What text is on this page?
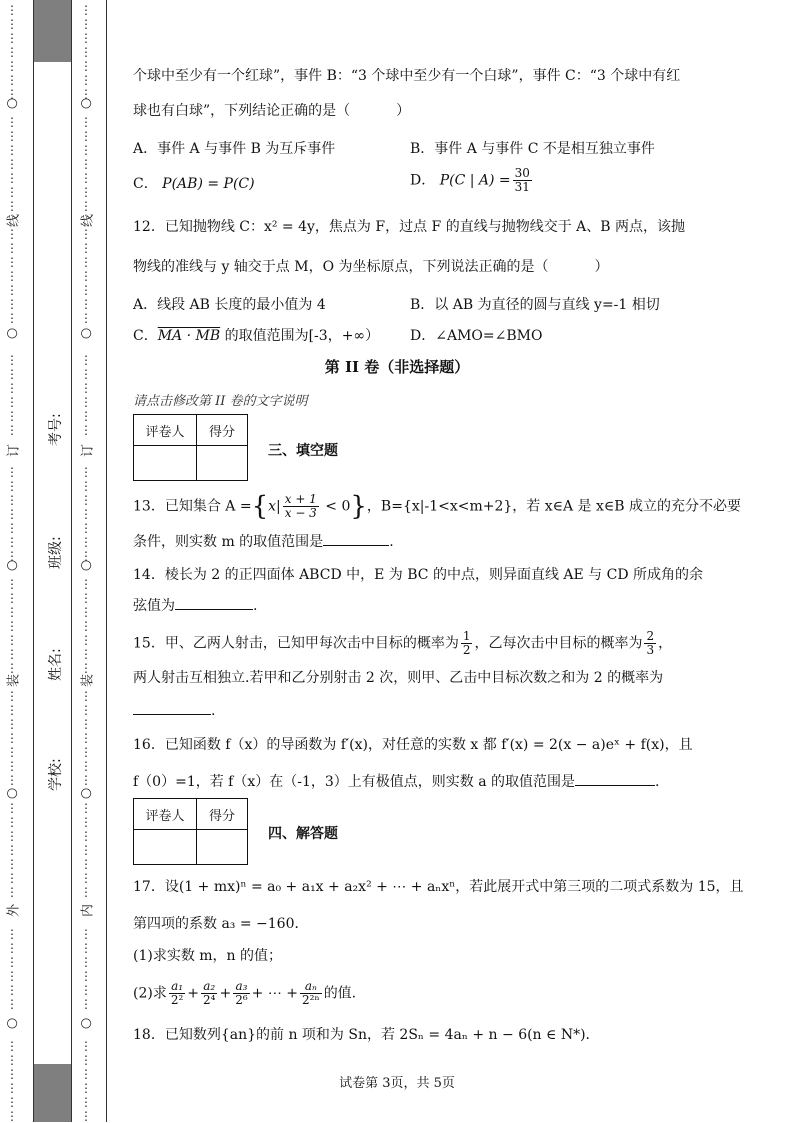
⋮
⋮
⋮
⋮
⋮
⋮
⋮
⋮
⋮
⋮
⋮
⋮
⋮
⋮
⋮
⋮
⋮
⋮
⋮
⋮
⋮
⋮
⋮
⋮
⋮
⋮
⋮
⋮
⋮
⋮
⋮
⋮
⋮
⋮
⋮
⋮
⋮
⋮
⋮
⋮
⋮
⋮
⋮
⋮
⋮
⋮
⋮
⋮
⋮
⋮
⋮
⋮
⋮
⋮
⋮
⋮
⋮
⋮
⋮
⋮
⋮
⋮
⋮
⋮
⋮
⋮
⋮
○
线
○
订
○
装
○
外
○
⋮
⋮
⋮
⋮
⋮
⋮
⋮
⋮
⋮
⋮
⋮
⋮
⋮
⋮
⋮
⋮
⋮
⋮
⋮
⋮
⋮
⋮
⋮
⋮
⋮
⋮
⋮
⋮
⋮
⋮
⋮
⋮
⋮
⋮
⋮
⋮
⋮
⋮
⋮
⋮
⋮
⋮
⋮
⋮
⋮
⋮
⋮
⋮
⋮
⋮
⋮
⋮
⋮
⋮
⋮
⋮
⋮
⋮
⋮
⋮
⋮
⋮
⋮
⋮
⋮
⋮
⋮
○
线
○
订
○
装
○
内
○
考号:
班级:
姓名:
学校:
个球中至少有一个红球”，事件 B：“3 个球中至少有一个白球”，事件 C：“3 个球中有红
球也有白球”，下列结论正确的是（	）
A．事件 A 与事件 B 为互斥事件	B．事件 A 与事件 C 不是相互独立事件
C． P(AB) = P(C)	D． P(C | $A) = \frac{30}{31}$
12．已知抛物线 C：x² = 4y，焦点为 F，过点 F 的直线与抛物线交于 A、B 两点，该抛
物线的准线与 y 轴交于点 M，O 为坐标原点，下列说法正确的是（	）
A．线段 AB 长度的最小值为 4	B．以 AB 为直径的圆与直线 y=-1 相切
C．MA · MB 的取值范围为[-3，+∞） D．∠AMO=∠BMO
第 II 卷（非选择题）
请点击修改第 II 卷的文字说明
评卷人	得分

三、填空题
13．已知集合 $A =\{x| \frac{x + 1}{x - 3} < 0\}$，B={x|-1<x<m+2}，若 x∈A 是 x∈B 成立的充分不必要
条件，则实数 m 的取值范围是	.
14．棱长为 2 的正四面体 ABCD 中，E 为 BC 的中点，则异面直线 AE 与 CD 所成角的余
弦值为	.
15．甲、乙两人射击，已知甲每次击中目标的概率为 $\frac{1}{2}$ ，乙每次击中目标的概率为 $\frac{2}{3}$ ，
两人射击互相独立.若甲和乙分别射击 2 次，则甲、乙击中目标次数之和为 2 的概率为
.
16．已知函数 f（x）的导函数为 f′(x)，对任意的实数 x 都 f′(x) = 2(x − a)eˣ + f(x)，且
f（0）=1，若 f（x）在（-1，3）上有极值点，则实数 a 的取值范围是	.
评卷人	得分

四、解答题
17．设(1 + mx)ⁿ = a₀ + a₁x + a₂x² + ⋯ + aₙxⁿ，若此展开式中第三项的二项式系数为 15，且
第四项的系数 a₃ = −160．
(1)求实数 m，n 的值；
(2)求 $\frac{\text{a₁}}{\text{2²}} + \frac{\text{a₂}}{\text{2⁴}} + \frac{\text{a₃}}{\text{2⁶}}$ + ⋯ + $\frac{\text{aₙ}}{\text{2²ⁿ}}$ 的值.
18．已知数列{an}的前 n 项和为 Sn，若 2Sₙ = 4aₙ + n − 6(n ∈ N*)．
试卷第 3页，共 5页
